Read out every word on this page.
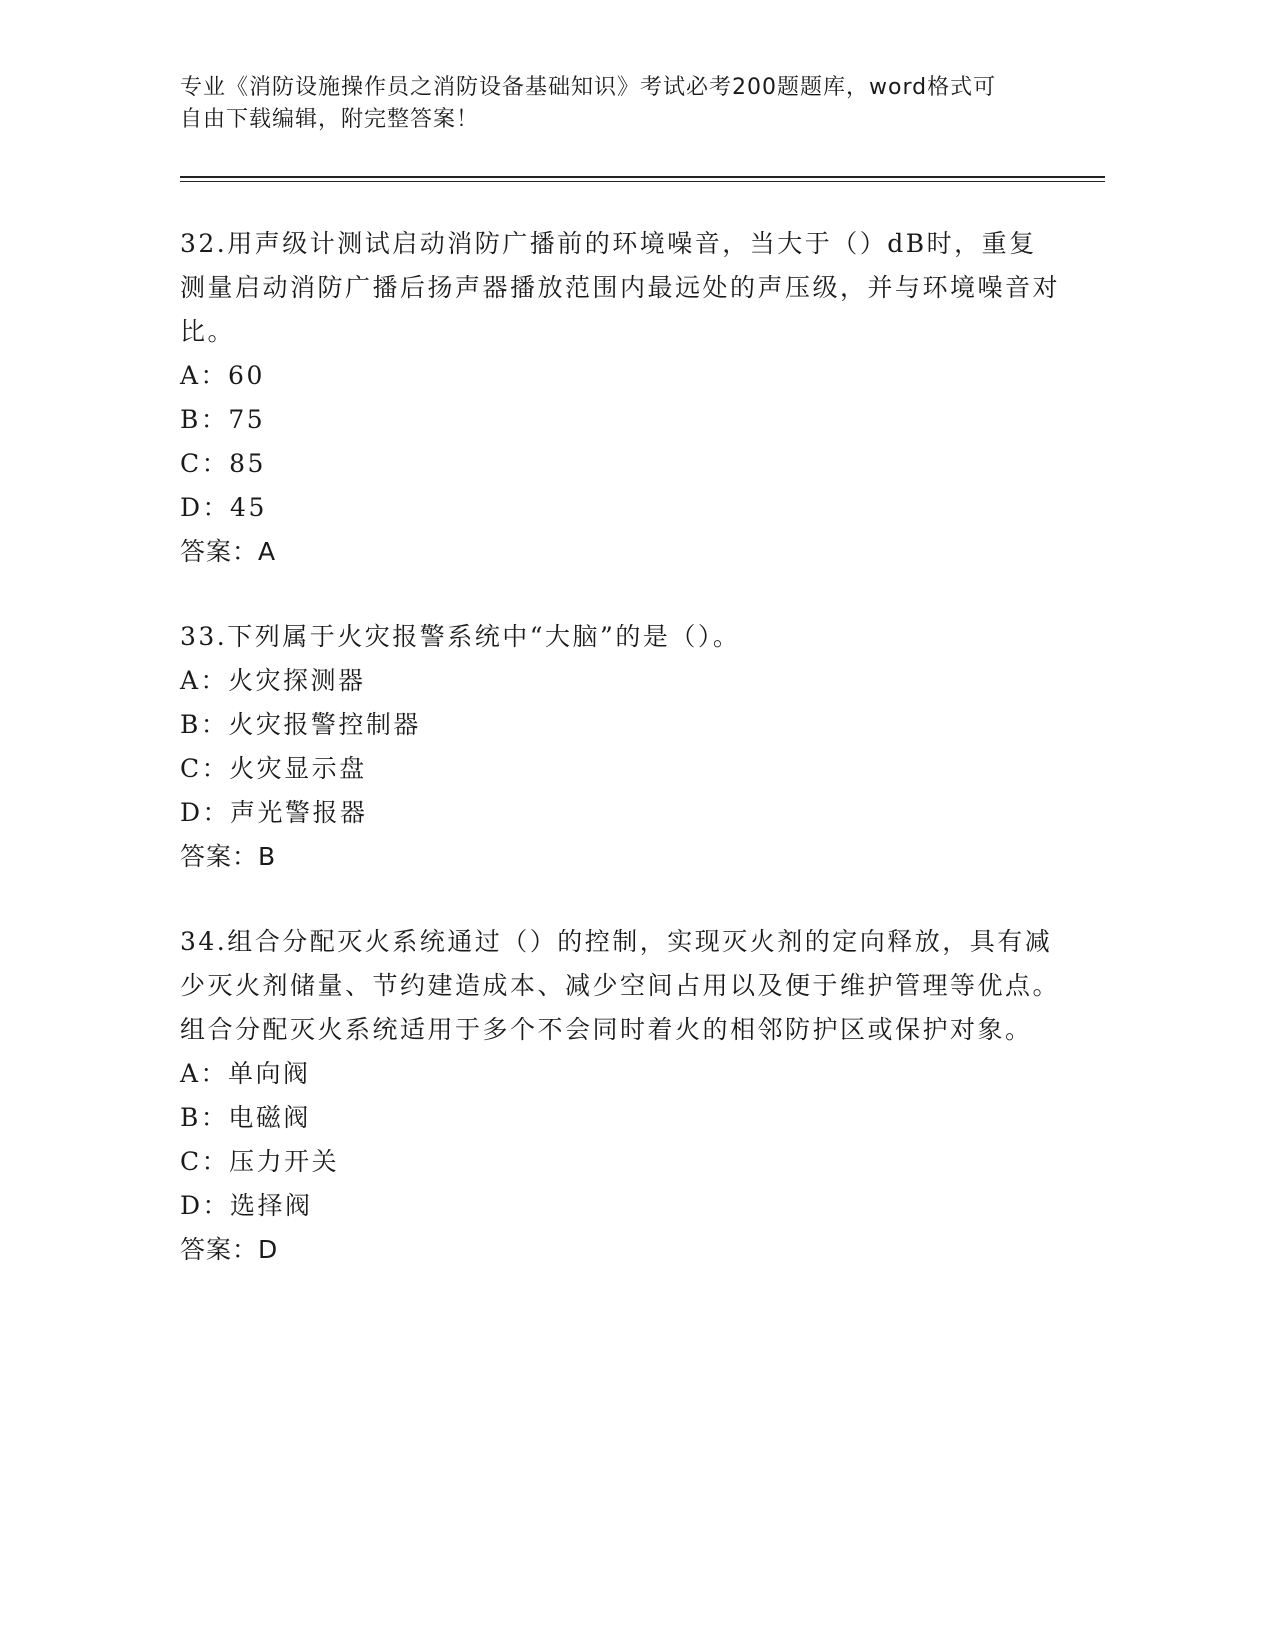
专业《消防设施操作员之消防设备基础知识》考试必考200题题库，word格式可
自由下载编辑，附完整答案！

32.用声级计测试启动消防广播前的环境噪音，当大于（）dB时，重复测量启动消防广播后扬声器播放范围内最远处的声压级，并与环境噪音对比。

A：60

B：75

C：85

D：45

答案：A

33.下列属于火灾报警系统中“大脑”的是（）。

A：火灾探测器

B：火灾报警控制器

C：火灾显示盘

D：声光警报器

答案：B

34.组合分配灭火系统通过（）的控制，实现灭火剂的定向释放，具有减少灭火剂储量、节约建造成本、减少空间占用以及便于维护管理等优点。组合分配灭火系统适用于多个不会同时着火的相邻防护区或保护对象。

A：单向阀

B：电磁阀

C：压力开关

D：选择阀

答案：D
